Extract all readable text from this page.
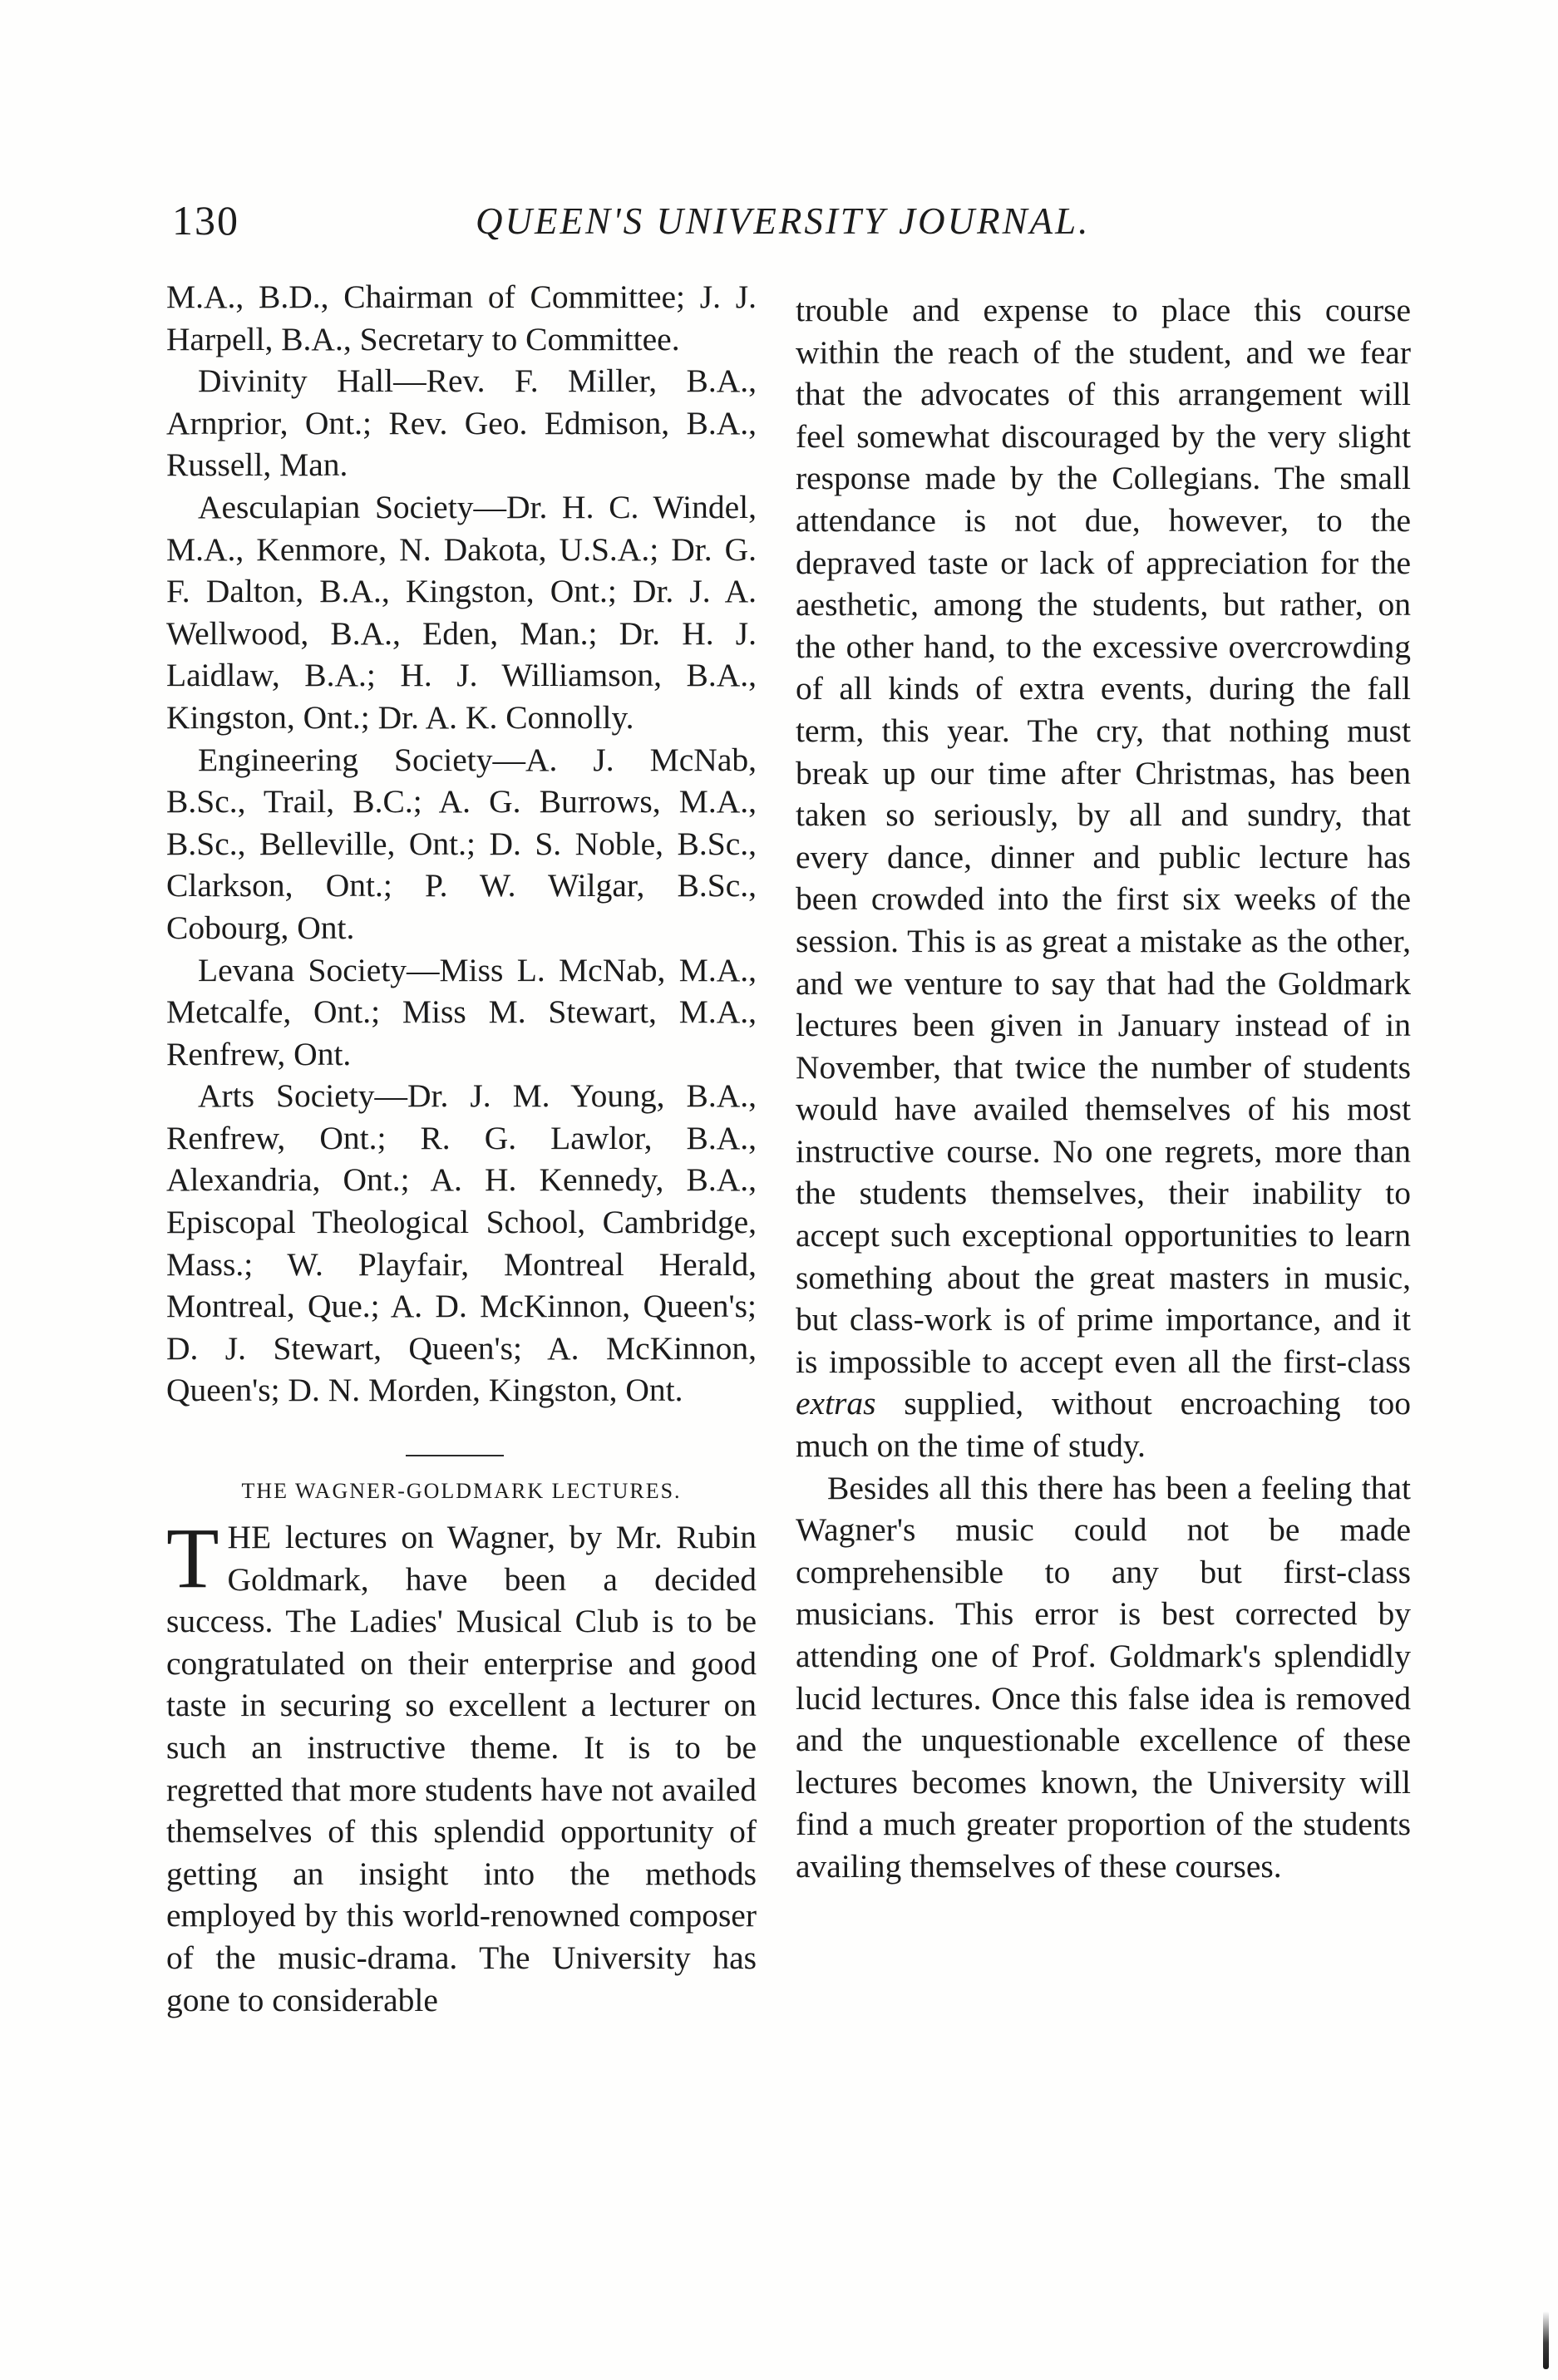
130	QUEEN'S UNIVERSITY JOURNAL.

M.A., B.D., Chairman of Committee; J. J. Harpell, B.A., Secretary to Committee.

Divinity Hall—Rev. F. Miller, B.A., Arnprior, Ont.; Rev. Geo. Edmison, B.A., Russell, Man.

Aesculapian Society—Dr. H. C. Windel, M.A., Kenmore, N. Dakota, U.S.A.; Dr. G. F. Dalton, B.A., Kingston, Ont.; Dr. J. A. Wellwood, B.A., Eden, Man.; Dr. H. J. Laidlaw, B.A.; H. J. Williamson, B.A., Kingston, Ont.; Dr. A. K. Connolly.

Engineering Society—A. J. McNab, B.Sc., Trail, B.C.; A. G. Burrows, M.A., B.Sc., Belleville, Ont.; D. S. Noble, B.Sc., Clarkson, Ont.; P. W. Wilgar, B.Sc., Cobourg, Ont.

Levana Society—Miss L. McNab, M.A., Metcalfe, Ont.; Miss M. Stewart, M.A., Renfrew, Ont.

Arts Society—Dr. J. M. Young, B.A., Renfrew, Ont.; R. G. Lawlor, B.A., Alexandria, Ont.; A. H. Kennedy, B.A., Episcopal Theological School, Cambridge, Mass.; W. Playfair, Montreal Herald, Montreal, Que.; A. D. McKinnon, Queen's; D. J. Stewart, Queen's; A. McKinnon, Queen's; D. N. Morden, Kingston, Ont.

THE WAGNER-GOLDMARK LECTURES.

THE lectures on Wagner, by Mr. Rubin Goldmark, have been a decided success. The Ladies' Musical Club is to be congratulated on their enterprise and good taste in securing so excellent a lecturer on such an instructive theme. It is to be regretted that more students have not availed themselves of this splendid opportunity of getting an insight into the methods employed by this world-renowned composer of the music-drama. The University has gone to considerable

trouble and expense to place this course within the reach of the student, and we fear that the advocates of this arrangement will feel somewhat discouraged by the very slight response made by the Collegians. The small attendance is not due, however, to the depraved taste or lack of appreciation for the aesthetic, among the students, but rather, on the other hand, to the excessive overcrowding of all kinds of extra events, during the fall term, this year. The cry, that nothing must break up our time after Christmas, has been taken so seriously, by all and sundry, that every dance, dinner and public lecture has been crowded into the first six weeks of the session. This is as great a mistake as the other, and we venture to say that had the Goldmark lectures been given in January instead of in November, that twice the number of students would have availed themselves of his most instructive course. No one regrets, more than the students themselves, their inability to accept such exceptional opportunities to learn something about the great masters in music, but class-work is of prime importance, and it is impossible to accept even all the first-class extras supplied, without encroaching too much on the time of study.

Besides all this there has been a feeling that Wagner's music could not be made comprehensible to any but first-class musicians. This error is best corrected by attending one of Prof. Goldmark's splendidly lucid lectures. Once this false idea is removed and the unquestionable excellence of these lectures becomes known, the University will find a much greater proportion of the students availing themselves of these courses.
